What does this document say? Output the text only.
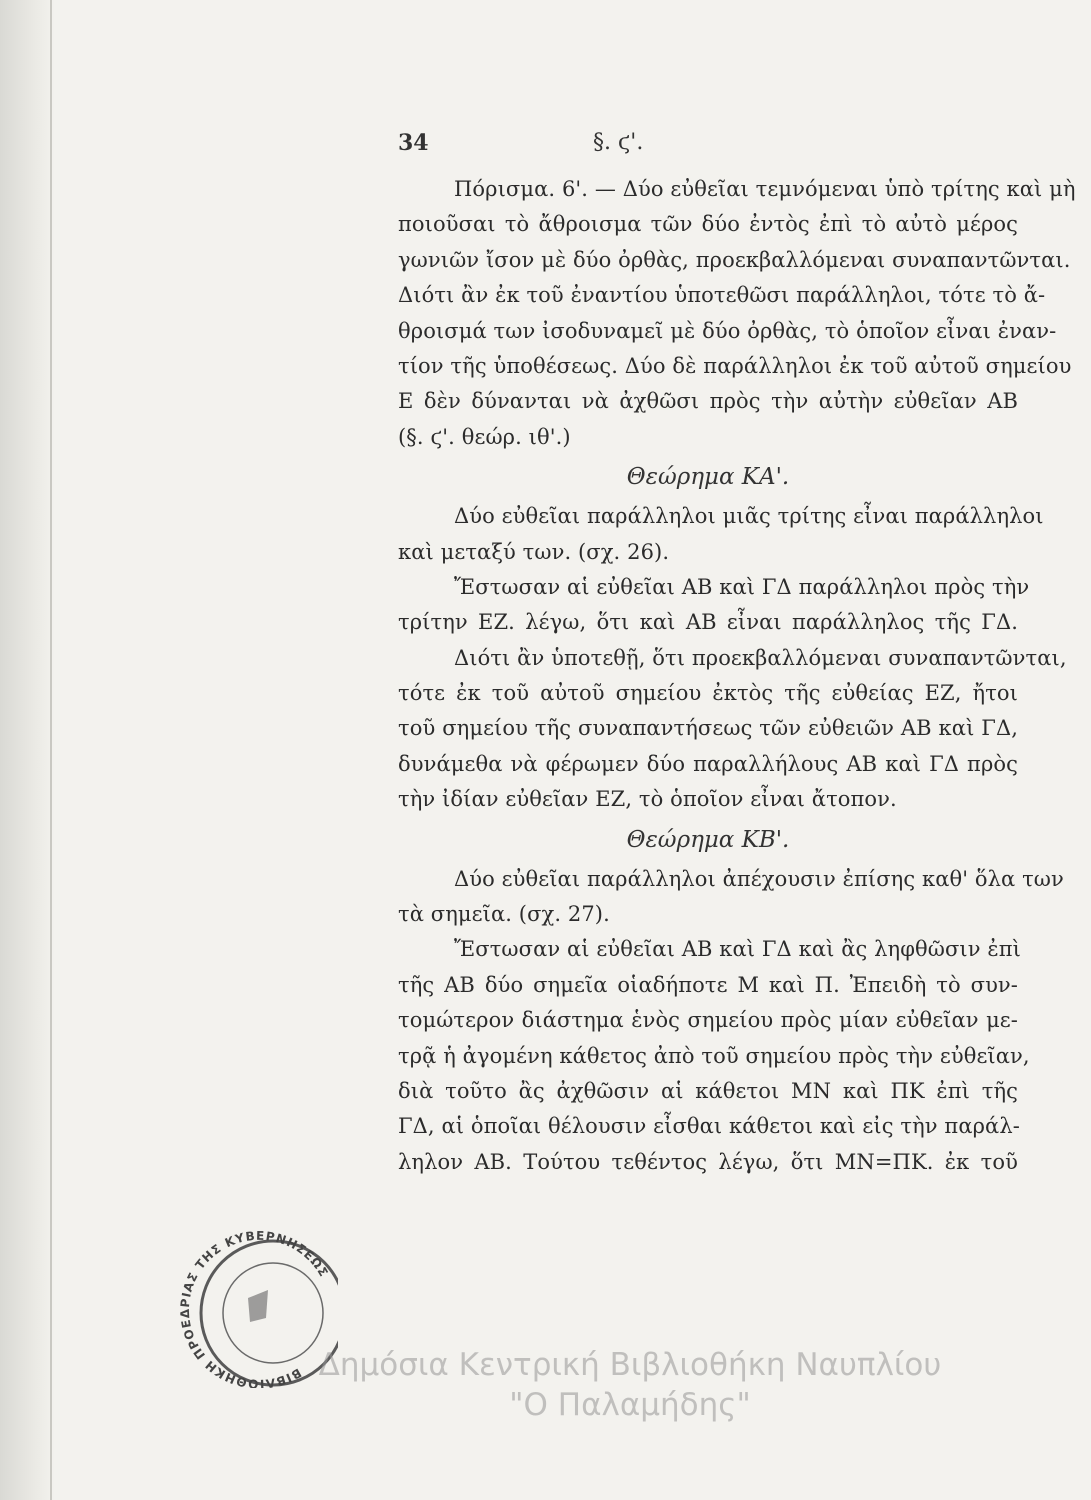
34	§. ϛ'.
Πόρισμα. 6'. — Δύο εὐθεῖαι τεμνόμεναι ὑπὸ τρίτης καὶ μὴ
ποιοῦσαι τὸ ἄθροισμα τῶν δύο ἐντὸς ἐπὶ τὸ αὐτὸ μέρος
γωνιῶν ἴσον μὲ δύο ὀρθὰς, προεκβαλλόμεναι συναπαντῶνται.
Διότι ἂν ἐκ τοῦ ἐναντίου ὑποτεθῶσι παράλληλοι, τότε τὸ ἄ-
θροισμά των ἰσοδυναμεῖ μὲ δύο ὀρθὰς, τὸ ὁποῖον εἶναι ἐναν-
τίον τῆς ὑποθέσεως. Δύο δὲ παράλληλοι ἐκ τοῦ αὐτοῦ σημείου
Ε δὲν δύνανται νὰ ἀχθῶσι πρὸς τὴν αὐτὴν εὐθεῖαν ΑΒ
(§. ϛ'. θεώρ. ιθ'.)
Θεώρημα ΚΑ'.
Δύο εὐθεῖαι παράλληλοι μιᾶς τρίτης εἶναι παράλληλοι
καὶ μεταξύ των. (σχ. 26).
Ἔστωσαν αἱ εὐθεῖαι ΑΒ καὶ ΓΔ παράλληλοι πρὸς τὴν
τρίτην ΕΖ. λέγω, ὅτι καὶ ΑΒ εἶναι παράλληλος τῆς ΓΔ.
Διότι ἂν ὑποτεθῇ, ὅτι προεκβαλλόμεναι συναπαντῶνται,
τότε ἐκ τοῦ αὐτοῦ σημείου ἐκτὸς τῆς εὐθείας ΕΖ, ἤτοι
τοῦ σημείου τῆς συναπαντήσεως τῶν εὐθειῶν ΑΒ καὶ ΓΔ,
δυνάμεθα νὰ φέρωμεν δύο παραλλήλους ΑΒ καὶ ΓΔ πρὸς
τὴν ἰδίαν εὐθεῖαν ΕΖ, τὸ ὁποῖον εἶναι ἄτοπον.
Θεώρημα ΚΒ'.
Δύο εὐθεῖαι παράλληλοι ἀπέχουσιν ἐπίσης καθ' ὅλα των
τὰ σημεῖα. (σχ. 27).
Ἔστωσαν αἱ εὐθεῖαι ΑΒ καὶ ΓΔ καὶ ἂς ληφθῶσιν ἐπὶ
τῆς ΑΒ δύο σημεῖα οἱαδήποτε Μ καὶ Π. Ἐπειδὴ τὸ συν-
τομώτερον διάστημα ἑνὸς σημείου πρὸς μίαν εὐθεῖαν με-
τρᾷ ἡ ἀγομένη κάθετος ἀπὸ τοῦ σημείου πρὸς τὴν εὐθεῖαν,
διὰ τοῦτο ἂς ἀχθῶσιν αἱ κάθετοι ΜΝ καὶ ΠΚ ἐπὶ τῆς
ΓΔ, αἱ ὁποῖαι θέλουσιν εἶσθαι κάθετοι καὶ εἰς τὴν παράλ-
ληλον ΑΒ. Τούτου τεθέντος λέγω, ὅτι ΜΝ=ΠΚ. ἐκ τοῦ
ΒΙΒΛΙΟΘΗΚΗ ΠΡΟΕΔΡΙΑΣ ΤΗΣ ΚΥΒΕΡΝΗΣΕΩΣ
Δημόσια Κεντρική Βιβλιοθήκη Ναυπλίου
"Ο Παλαμήδης"
